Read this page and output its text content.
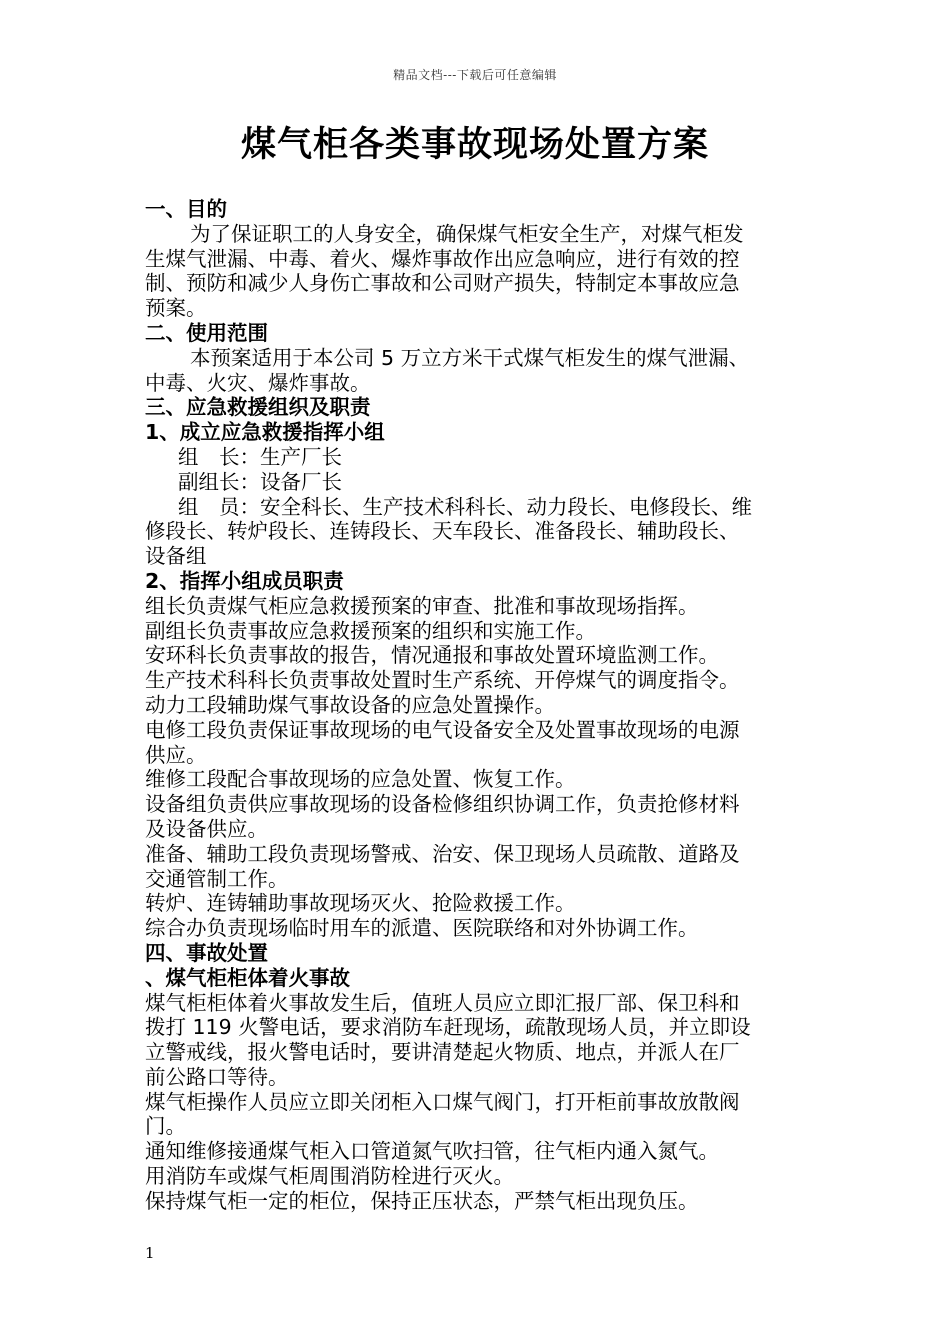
精品文档---下载后可任意编辑
煤气柜各类事故现场处置方案

一、目的

为了保证职工的人身安全，确保煤气柜安全生产，对煤气柜发

生煤气泄漏、中毒、着火、爆炸事故作出应急响应，进行有效的控

制、预防和减少人身伤亡事故和公司财产损失，特制定本事故应急

预案。

二、使用范围

本预案适用于本公司 5 万立方米干式煤气柜发生的煤气泄漏、

中毒、火灾、爆炸事故。

三、应急救援组织及职责

1、成立应急救援指挥小组

组　长：生产厂长

副组长：设备厂长

组　员：安全科长、生产技术科科长、动力段长、电修段长、维

修段长、转炉段长、连铸段长、天车段长、准备段长、辅助段长、

设备组

2、指挥小组成员职责

组长负责煤气柜应急救援预案的审查、批准和事故现场指挥。

副组长负责事故应急救援预案的组织和实施工作。

安环科长负责事故的报告，情况通报和事故处置环境监测工作。

生产技术科科长负责事故处置时生产系统、开停煤气的调度指令。

动力工段辅助煤气事故设备的应急处置操作。

电修工段负责保证事故现场的电气设备安全及处置事故现场的电源

供应。

维修工段配合事故现场的应急处置、恢复工作。

设备组负责供应事故现场的设备检修组织协调工作，负责抢修材料

及设备供应。

准备、辅助工段负责现场警戒、治安、保卫现场人员疏散、道路及

交通管制工作。

转炉、连铸辅助事故现场灭火、抢险救援工作。

综合办负责现场临时用车的派遣、医院联络和对外协调工作。

四、事故处置

、煤气柜柜体着火事故

煤气柜柜体着火事故发生后，值班人员应立即汇报厂部、保卫科和

拨打 119 火警电话，要求消防车赶现场，疏散现场人员，并立即设

立警戒线，报火警电话时，要讲清楚起火物质、地点，并派人在厂

前公路口等待。

煤气柜操作人员应立即关闭柜入口煤气阀门，打开柜前事故放散阀

门。

通知维修接通煤气柜入口管道氮气吹扫管，往气柜内通入氮气。

用消防车或煤气柜周围消防栓进行灭火。

保持煤气柜一定的柜位，保持正压状态，严禁气柜出现负压。

1
